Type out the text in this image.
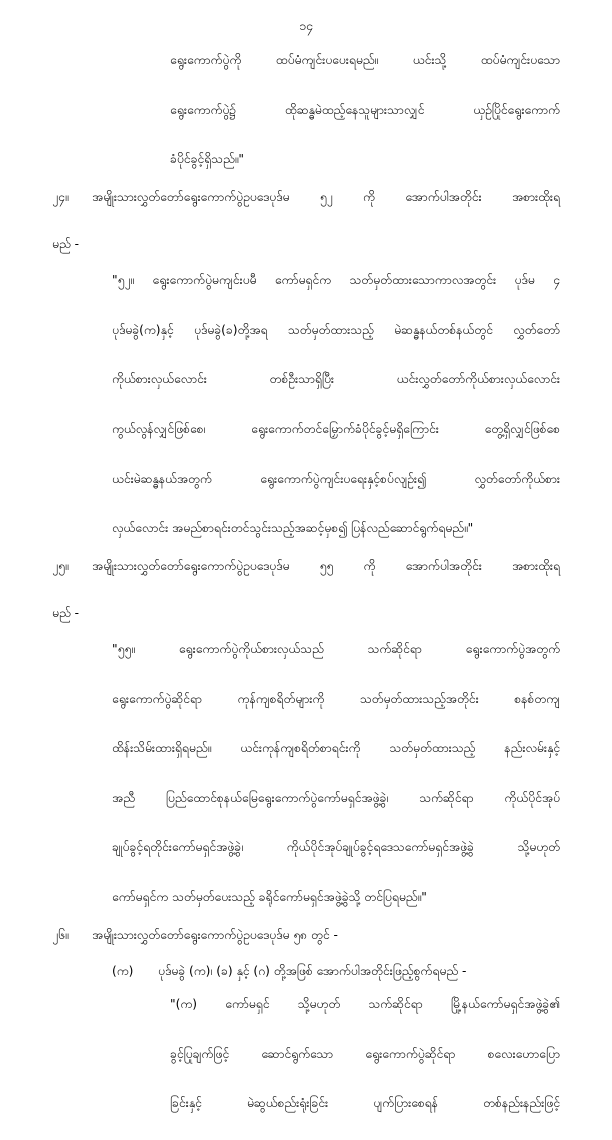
၁၄
ရွေးကောက်ပွဲကို ထပ်မံကျင်းပပေးရမည်။ ယင်းသို့ ထပ်မံကျင်းပသော
ရွေးကောက်ပွဲ၌ ထိုဆန္ဓမဲထည့်နေသူများသာလျှင် ယှဉ်ပြိုင်ရွေးကောက်
ခံပိုင်ခွင့်ရှိသည်။"
၂၄။ အမျိုးသားလွှတ်တော်ရွေးကောက်ပွဲဥပဒေပုဒ်မ ၅၂ ကို အောက်ပါအတိုင်း အစားထိုးရ
မည် -
"၅၂။ ရွေးကောက်ပွဲမကျင်းပမီ ကော်မရှင်က သတ်မှတ်ထားသောကာလအတွင်း ပုဒ်မ ၄
ပုဒ်မခွဲ(က)နှင့် ပုဒ်မခွဲ(ခ)တို့အရ သတ်မှတ်ထားသည့် မဲဆန္ဓနယ်တစ်နယ်တွင် လွှတ်တော်
ကိုယ်စားလှယ်လောင်း တစ်ဦးသာရှိပြီး ယင်းလွှတ်တော်ကိုယ်စားလှယ်လောင်း
ကွယ်လွန်လျှင်ဖြစ်စေ၊ ရွေးကောက်တင်မြှောက်ခံပိုင်ခွင့်မရှိကြောင်း တွေ့ရှိလျှင်ဖြစ်စေ
ယင်းမဲဆန္ဓနယ်အတွက် ရွေးကောက်ပွဲကျင်းပရေးနှင့်စပ်လျဉ်း၍ လွှတ်တော်ကိုယ်စား
လှယ်လောင်း အမည်စာရင်းတင်သွင်းသည့်အဆင့်မှစ၍ ပြန်လည်ဆောင်ရွက်ရမည်။"
၂၅။ အမျိုးသားလွှတ်တော်ရွေးကောက်ပွဲဥပဒေပုဒ်မ ၅၅ ကို အောက်ပါအတိုင်း အစားထိုးရ
မည် -
"၅၅။ ရွေးကောက်ပွဲကိုယ်စားလှယ်သည် သက်ဆိုင်ရာ ရွေးကောက်ပွဲအတွက်
ရွေးကောက်ပွဲဆိုင်ရာ ကုန်ကျစရိတ်များကို သတ်မှတ်ထားသည့်အတိုင်း စနစ်တကျ
ထိန်းသိမ်းထားရှိရမည်။ ယင်းကုန်ကျစရိတ်စာရင်းကို သတ်မှတ်ထားသည့် နည်းလမ်းနှင့်
အညီ ပြည်ထောင်စုနယ်မြေရွေးကောက်ပွဲကော်မရှင်အဖွဲ့ခွဲ၊ သက်ဆိုင်ရာ ကိုယ်ပိုင်အုပ်
ချုပ်ခွင့်ရတိုင်းကော်မရှင်အဖွဲ့ခွဲ၊ ကိုယ်ပိုင်အုပ်ချုပ်ခွင့်ရဒေသကော်မရှင်အဖွဲ့ခွဲ သို့မဟုတ်
ကော်မရှင်က သတ်မှတ်ပေးသည့် ခရိုင်ကော်မရှင်အဖွဲ့ခွဲသို့ တင်ပြရမည်။"
၂၆။ အမျိုးသားလွှတ်တော်ရွေးကောက်ပွဲဥပဒေပုဒ်မ ၅၈ တွင် -
(က) ပုဒ်မခွဲ (က)၊ (ခ) နှင့် (ဂ) တို့အဖြစ် အောက်ပါအတိုင်းဖြည့်စွက်ရမည် -
"(က) ကော်မရှင် သို့မဟုတ် သက်ဆိုင်ရာ မြို့နယ်ကော်မရှင်အဖွဲ့ခွဲ၏
ခွင့်ပြုချက်ဖြင့် ဆောင်ရွက်သော ရွေးကောက်ပွဲဆိုင်ရာ စလေးဟောပြော
ခြင်းနှင့် မဲဆွယ်စည်းရုံးခြင်း ပျက်ပြားစေရန် တစ်နည်းနည်းဖြင့်
